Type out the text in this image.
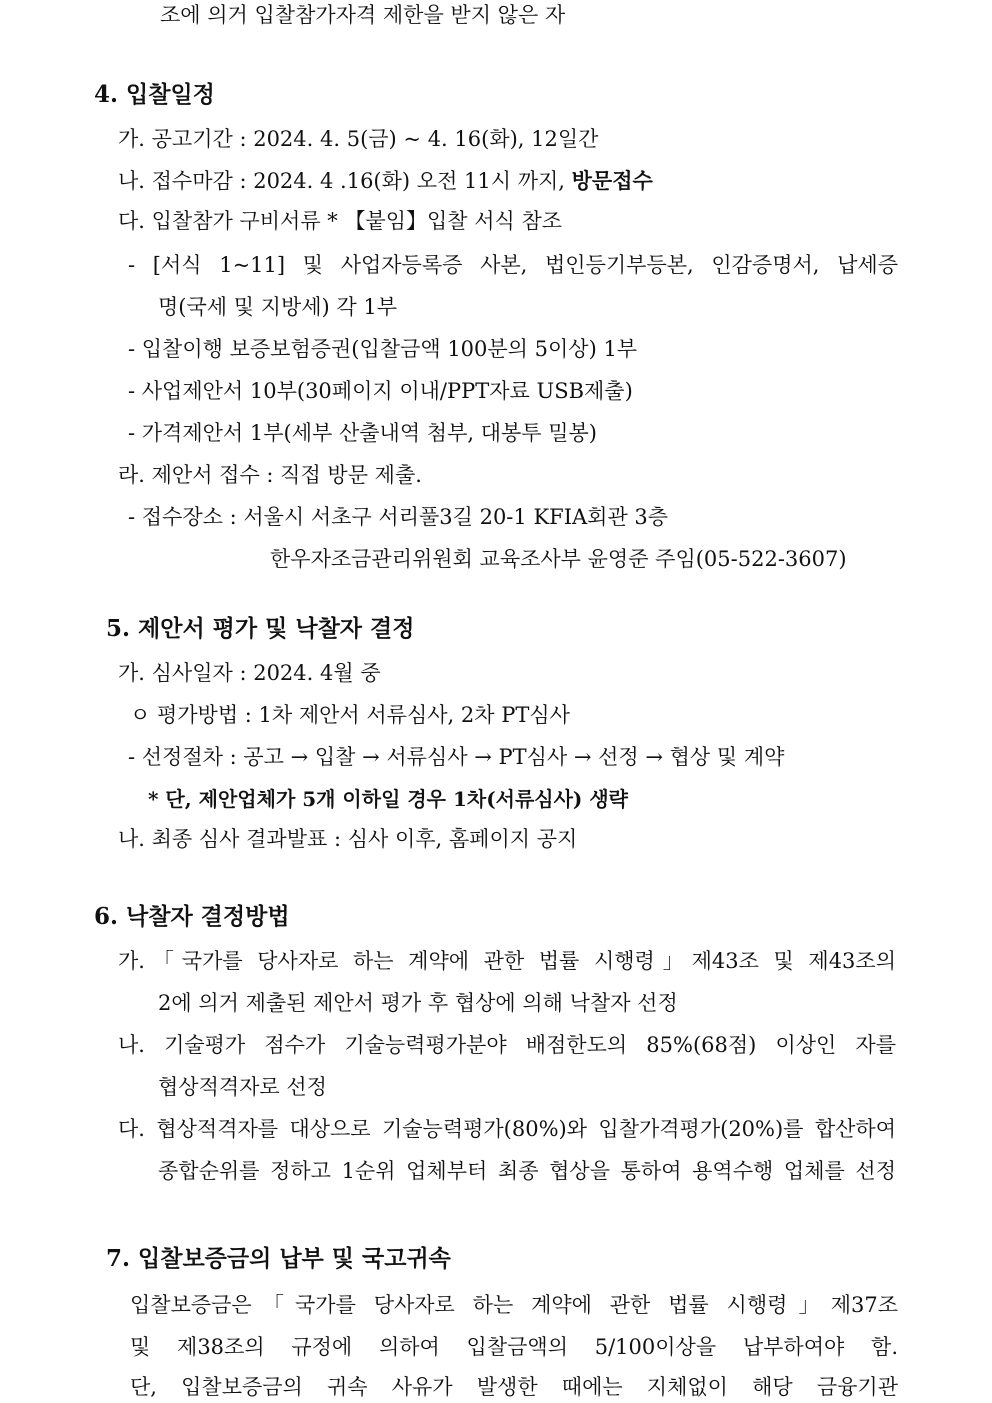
조에 의거 입찰참가자격 제한을 받지 않은 자
4. 입찰일정
가. 공고기간 : 2024. 4. 5(금) ~ 4. 16(화), 12일간
나. 접수마감 : 2024. 4 .16(화) 오전 11시 까지, 방문접수
다. 입찰참가 구비서류 * 【붙임】입찰 서식 참조
- [서식 1~11] 및 사업자등록증 사본, 법인등기부등본, 인감증명서, 납세증
명(국세 및 지방세) 각 1부
- 입찰이행 보증보험증권(입찰금액 100분의 5이상) 1부
- 사업제안서 10부(30페이지 이내/PPT자료 USB제출)
- 가격제안서 1부(세부 산출내역 첨부, 대봉투 밀봉)
라. 제안서 접수 : 직접 방문 제출.
- 접수장소 : 서울시 서초구 서리풀3길 20-1 KFIA회관 3층
한우자조금관리위원회 교육조사부 윤영준 주임(05-522-3607)
5. 제안서 평가 및 낙찰자 결정
가. 심사일자 : 2024. 4월 중
ㅇ 평가방법 : 1차 제안서 서류심사, 2차 PT심사
- 선정절차 : 공고 → 입찰 → 서류심사 → PT심사 → 선정 → 협상 및 계약
* 단, 제안업체가 5개 이하일 경우 1차(서류심사) 생략
나. 최종 심사 결과발표 : 심사 이후, 홈페이지 공지
6. 낙찰자 결정방법
가.「국가를 당사자로 하는 계약에 관한 법률 시행령」제43조 및 제43조의
2에 의거 제출된 제안서 평가 후 협상에 의해 낙찰자 선정
나. 기술평가 점수가 기술능력평가분야 배점한도의 85%(68점) 이상인 자를
협상적격자로 선정
다. 협상적격자를 대상으로 기술능력평가(80%)와 입찰가격평가(20%)를 합산하여
종합순위를 정하고 1순위 업체부터 최종 협상을 통하여 용역수행 업체를 선정
7. 입찰보증금의 납부 및 국고귀속
입찰보증금은「국가를 당사자로 하는 계약에 관한 법률 시행령」제37조
및 제38조의 규정에 의하여 입찰금액의 5/100이상을 납부하여야 함.
단, 입찰보증금의 귀속 사유가 발생한 때에는 지체없이 해당 금융기관
